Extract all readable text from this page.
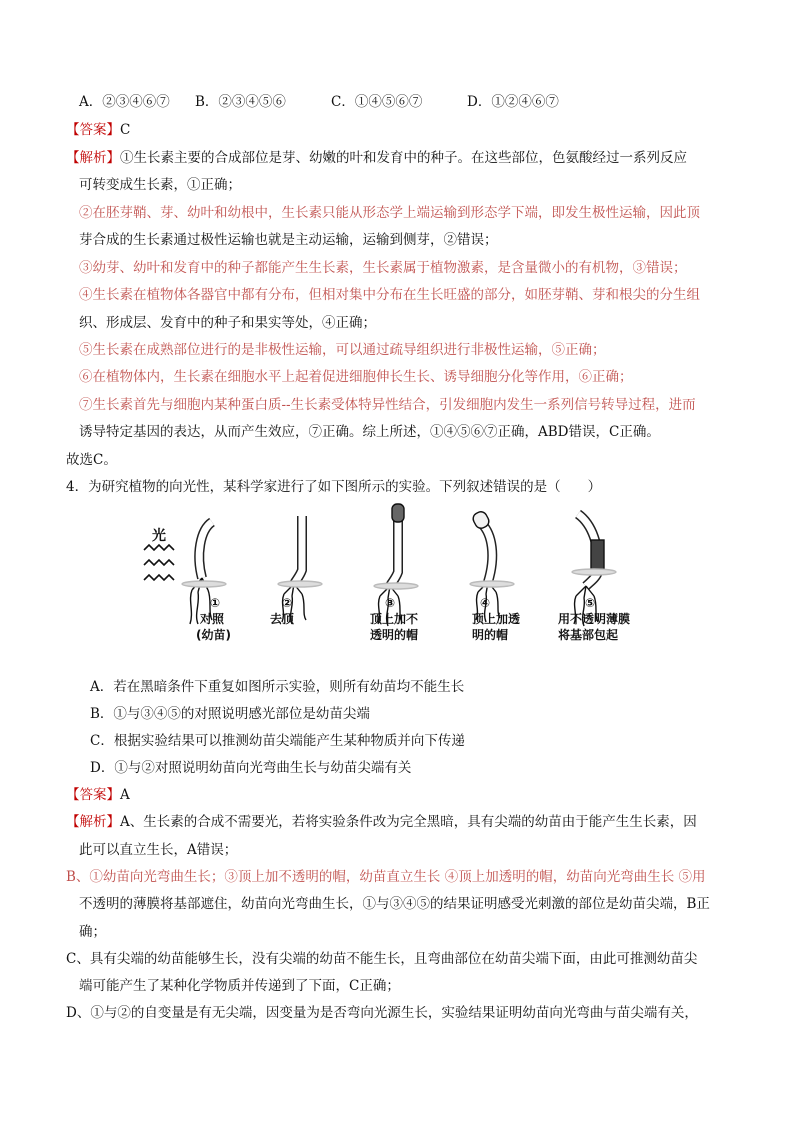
A．②③④⑥⑦ B．②③④⑤⑥	C．①④⑤⑥⑦	D．①②④⑥⑦
【答案】C
【解析】①生长素主要的合成部位是芽、幼嫩的叶和发育中的种子。在这些部位，色氨酸经过一系列反应
可转变成生长素，①正确；
②在胚芽鞘、芽、幼叶和幼根中，生长素只能从形态学上端运输到形态学下端，即发生极性运输，因此顶
芽合成的生长素通过极性运输也就是主动运输，运输到侧芽，②错误；
③幼芽、幼叶和发育中的种子都能产生生长素，生长素属于植物激素，是含量微小的有机物，③错误；
④生长素在植物体各器官中都有分布，但相对集中分布在生长旺盛的部分，如胚芽鞘、芽和根尖的分生组
织、形成层、发育中的种子和果实等处，④正确；
⑤生长素在成熟部位进行的是非极性运输，可以通过疏导组织进行非极性运输，⑤正确；
⑥在植物体内，生长素在细胞水平上起着促进细胞伸长生长、诱导细胞分化等作用，⑥正确；
⑦生长素首先与细胞内某种蛋白质--生长素受体特异性结合，引发细胞内发生一系列信号转导过程，进而
诱导特定基因的表达，从而产生效应，⑦正确。综上所述，①④⑤⑥⑦正确，ABD错误，C正确。
故选C。
4．为研究植物的向光性，某科学家进行了如下图所示的实验。下列叙述错误的是（　　）
光
①
对照
(幼苗)
②
去顶
③
顶上加不
透明的帽
④
顶上加透
明的帽
⑤
用不透明薄膜
将基部包起
A．若在黑暗条件下重复如图所示实验，则所有幼苗均不能生长
B．①与③④⑤的对照说明感光部位是幼苗尖端
C．根据实验结果可以推测幼苗尖端能产生某种物质并向下传递
D．①与②对照说明幼苗向光弯曲生长与幼苗尖端有关
【答案】A
【解析】A、生长素的合成不需要光，若将实验条件改为完全黑暗，具有尖端的幼苗由于能产生生长素，因
此可以直立生长，A错误；
B、①幼苗向光弯曲生长；③顶上加不透明的帽，幼苗直立生长 ④顶上加透明的帽，幼苗向光弯曲生长 ⑤用
不透明的薄膜将基部遮住，幼苗向光弯曲生长，①与③④⑤的结果证明感受光刺激的部位是幼苗尖端，B正
确；
C、具有尖端的幼苗能够生长，没有尖端的幼苗不能生长，且弯曲部位在幼苗尖端下面，由此可推测幼苗尖
端可能产生了某种化学物质并传递到了下面，C正确；
D、①与②的自变量是有无尖端，因变量为是否弯向光源生长，实验结果证明幼苗向光弯曲与苗尖端有关，
